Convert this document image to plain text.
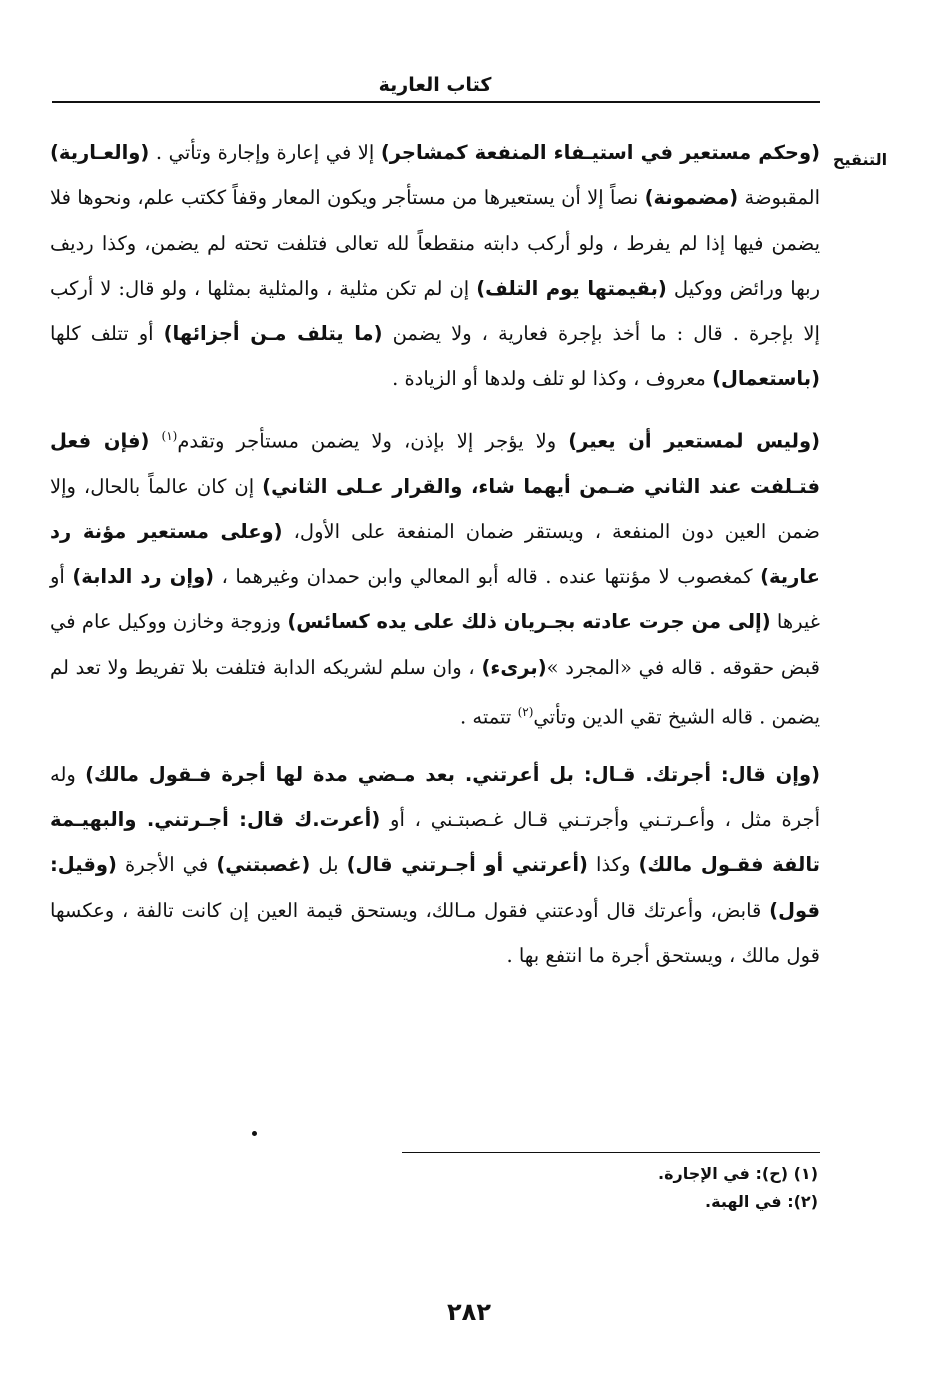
كتاب العارية
التنقيح

(وحكم مستعير في استيـفاء المنفعة كمشاجر) إلا في إعارة وإجارة وتأتي . (والعـارية) المقبوضة (مضمونة) نصاً إلا أن يستعيرها من مستأجر ويكون المعار وقفاً ككتب علم، ونحوها فلا يضمن فيها إذا لم يفرط ، ولو أركب دابته منقطعاً لله تعالى فتلفت تحته لم يضمن، وكذا رديف ربها ورائض ووكيل (بقيمتها يوم التلف) إن لم تكن مثلية ، والمثلية بمثلها ، ولو قال: لا أركب إلا بإجرة . قال : ما أخذ بإجرة فعارية ، ولا يضمن (ما يتلف مـن أجزائها) أو تتلف كلها (باستعمال) معروف ، وكذا لو تلف ولدها أو الزيادة .

(وليس لمستعير أن يعير) ولا يؤجر إلا بإذن، ولا يضمن مستأجر وتقدم$^{(١)}$ (فإن فعل فتـلفت عند الثاني ضـمن أيهما شاء، والقرار عـلى الثاني) إن كان عالماً بالحال، وإلا ضمن العين دون المنفعة ، ويستقر ضمان المنفعة على الأول، (وعلى مستعير مؤنة رد عارية) كمغصوب لا مؤنتها عنده . قاله أبو المعالي وابن حمدان وغيرهما ، (وإن رد الدابة) أو غيرها (إلى من جرت عادته بجـريان ذلك على يده كسائس) وزوجة وخازن ووكيل عام في قبض حقوقه . قاله في «المجرد »(برىء) ، وان سلم لشريكه الدابة فتلفت بلا تفريط ولا تعد لم يضمن . قاله الشيخ تقي الدين وتأتي$^{(٢)}$ تتمته .

(وإن قال: أجرتك. قـال: بل أعرتني. بعد مـضي مدة لها أجرة فـقول مالك) وله أجرة مثل ، وأعـرتـني وأجرتـني قـال غـصبتـني ، أو (أعرت.ك قال: أجـرتني. والبهيـمة تالفة فقـول مالك) وكذا (أعرتني أو أجـرتني قال) بل (غصبتني) في الأجرة (وقيل: قول) قابض، وأعرتك قال أودعتني فقول مـالك، ويستحق قيمة العين إن كانت تالفة ، وعكسها قول مالك ، ويستحق أجرة ما انتفع بها .

(١) (ح): في الإجارة.
(٢): في الهبة.
٢٨٢
